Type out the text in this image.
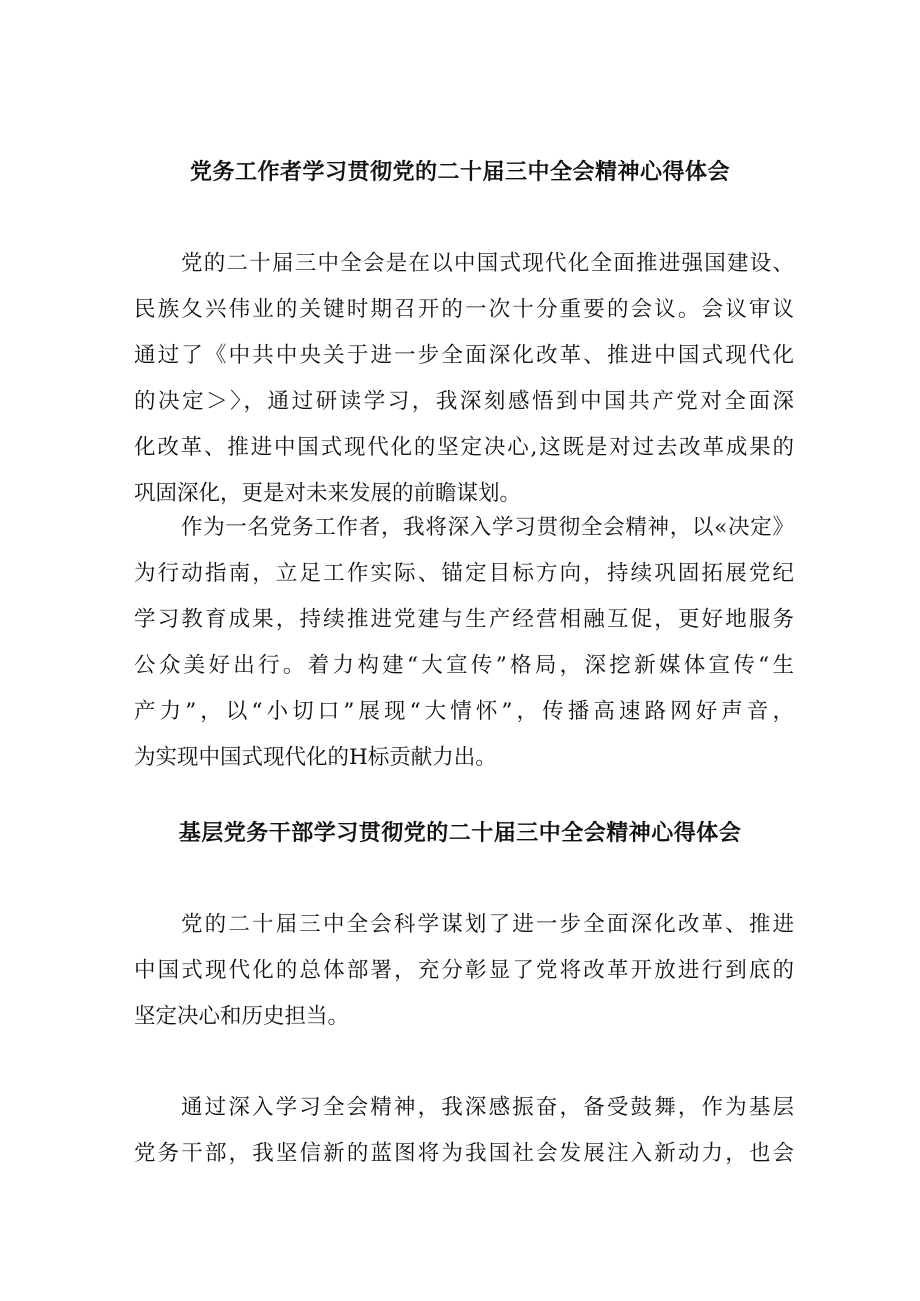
党务工作者学习贯彻党的二十届三中全会精神心得体会
党的二十届三中全会是在以中国式现代化全面推进强国建设、
民族夂兴伟业的关键时期召开的一次十分重要的会议。会议审议
通过了《中共中央关于进一步全面深化改革、推进中国式现代化
的决定＞〉，通过研读学习，我深刻感悟到中国共产党对全面深
化改革、推进中国式现代化的坚定决心,这既是对过去改革成果的
巩固深化，更是对未来发展的前瞻谋划。
作为一名党务工作者，我将深入学习贯彻全会精神，以«决定》
为行动指南，立足工作实际、锚定目标方向，持续巩固拓展党纪
学习教育成果，持续推进党建与生产经营相融互促，更好地服务
公众美好出行。着力构建“大宣传”格局，深挖新媒体宣传“生
产力”，以“小切口”展现“大情怀”，传播高速路网好声音，
为实现中国式现代化的H标贡献力出。
基层党务干部学习贯彻党的二十届三中全会精神心得体会
党的二十届三中全会科学谋划了进一步全面深化改革、推进
中国式现代化的总体部署，充分彰显了党将改革开放进行到底的
坚定决心和历史担当。
通过深入学习全会精神，我深感振奋，备受鼓舞，作为基层
党务干部，我坚信新的蓝图将为我国社会发展注入新动力，也会
